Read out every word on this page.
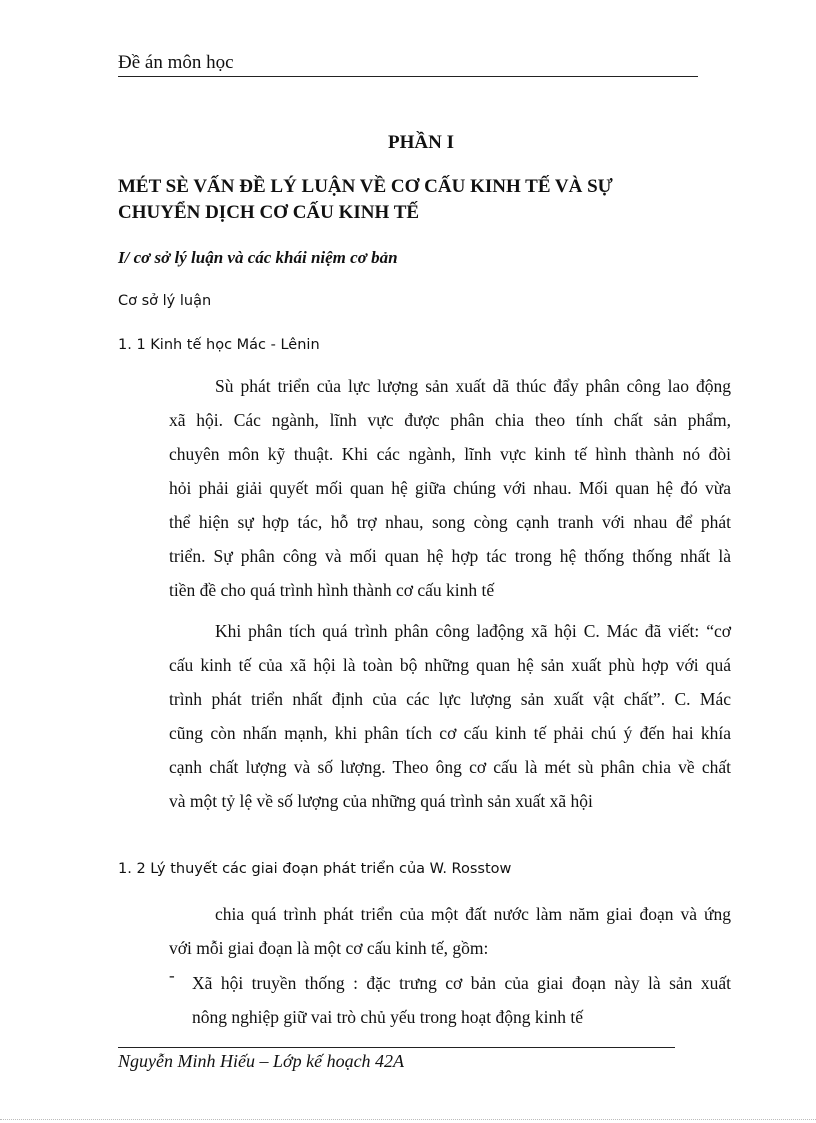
Đề án môn học
PHẦN I
MÉT SÈ VẤN ĐỀ LÝ LUẬN VỀ CƠ CẤU KINH TẾ VÀ SỰ
CHUYỂN DỊCH CƠ CẤU KINH TẾ
I/ cơ sở lý luận và các khái niệm cơ bản
Cơ sở lý luận
1. 1 Kinh tế học Mác - Lênin
Sù phát triển của lực lượng sản xuất dã thúc đẩy phân công lao động
xã hội. Các ngành, lĩnh vực được phân chia theo tính chất sản phẩm,
chuyên môn kỹ thuật. Khi các ngành, lĩnh vực kinh tế hình thành nó đòi
hỏi phải giải quyết mối quan hệ giữa chúng với nhau. Mối quan hệ đó vừa
thể hiện sự hợp tác, hỗ trợ nhau, song còng cạnh tranh với nhau để phát
triển. Sự phân công và mối quan hệ hợp tác trong hệ thống thống nhất là
tiền đề cho quá trình hình thành cơ cấu kinh tế
Khi phân tích quá trình phân công lađộng xã hội C. Mác đã viết: “cơ
cấu kinh tế của xã hội là toàn bộ những quan hệ sản xuất phù hợp với quá
trình phát triển nhất định của các lực lượng sản xuất vật chất”. C. Mác
cũng còn nhấn mạnh, khi phân tích cơ cấu kinh tế phải chú ý đến hai khía
cạnh chất lượng và số lượng. Theo ông cơ cấu là mét sù phân chia về chất
và một tỷ lệ về số lượng của những quá trình sản xuất xã hội
1. 2 Lý thuyết các giai đoạn phát triển của W. Rosstow
chia quá trình phát triển của một đất nước làm năm giai đoạn và ứng
với mỗi giai đoạn là một cơ cấu kinh tế, gồm:
- Xã hội truyền thống : đặc trưng cơ bản của giai đoạn này là sản xuất
nông nghiệp giữ vai trò chủ yếu trong hoạt động kinh tế
Nguyễn Minh Hiếu – Lớp kế hoạch 42A
